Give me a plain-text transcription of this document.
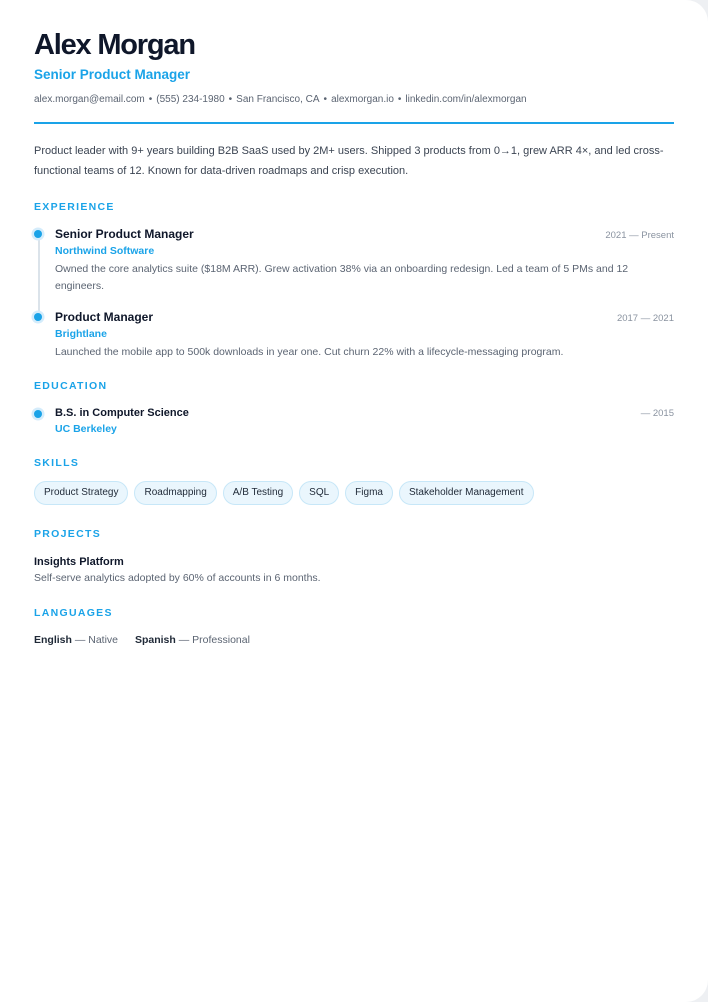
Alex Morgan
Senior Product Manager
alex.morgan@email.com • (555) 234-1980 • San Francisco, CA • alexmorgan.io • linkedin.com/in/alexmorgan
Product leader with 9+ years building B2B SaaS used by 2M+ users. Shipped 3 products from 0→1, grew ARR 4×, and led cross-functional teams of 12. Known for data-driven roadmaps and crisp execution.
EXPERIENCE
Senior Product Manager	2021 — Present
Northwind Software
Owned the core analytics suite ($18M ARR). Grew activation 38% via an onboarding redesign. Led a team of 5 PMs and 12 engineers.
Product Manager	2017 — 2021
Brightlane
Launched the mobile app to 500k downloads in year one. Cut churn 22% with a lifecycle-messaging program.
EDUCATION
B.S. in Computer Science	— 2015
UC Berkeley
SKILLS
Product Strategy	Roadmapping	A/B Testing	SQL	Figma	Stakeholder Management
PROJECTS
Insights Platform
Self-serve analytics adopted by 60% of accounts in 6 months.
LANGUAGES
English — Native Spanish — Professional
